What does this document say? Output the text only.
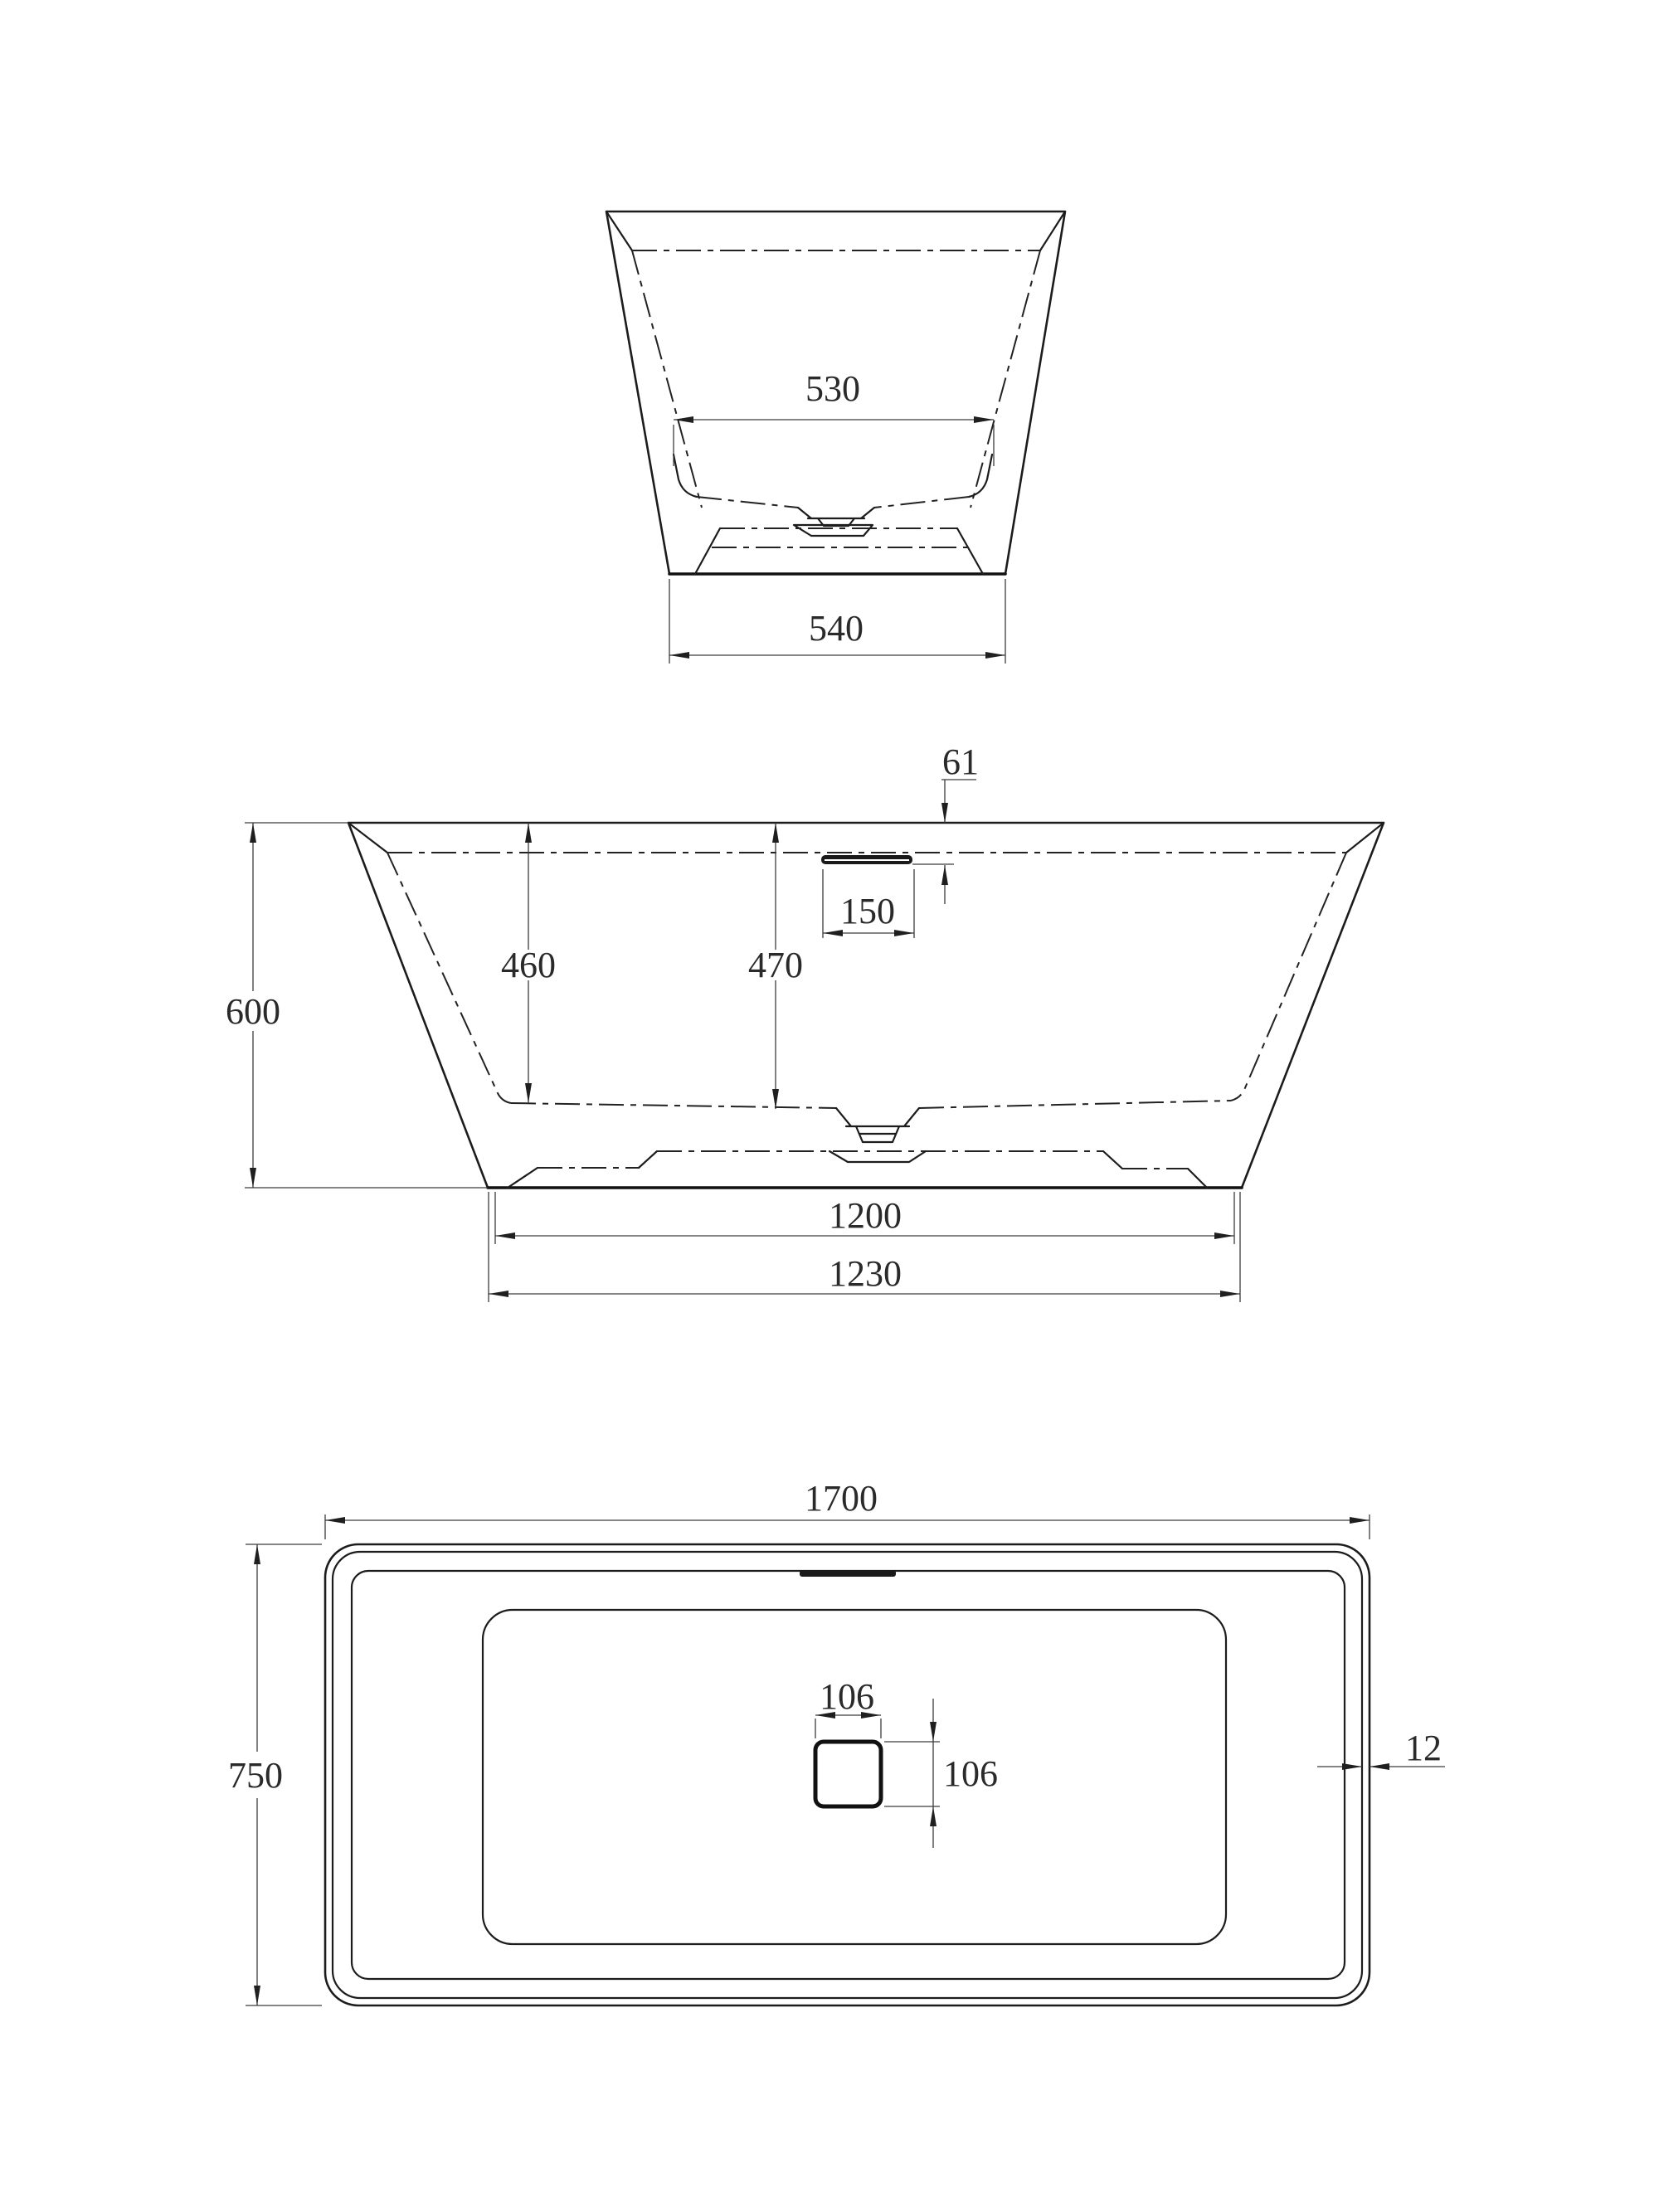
530
540
600
460	470
61
150
1200
1230
1700
750
106
106
12
